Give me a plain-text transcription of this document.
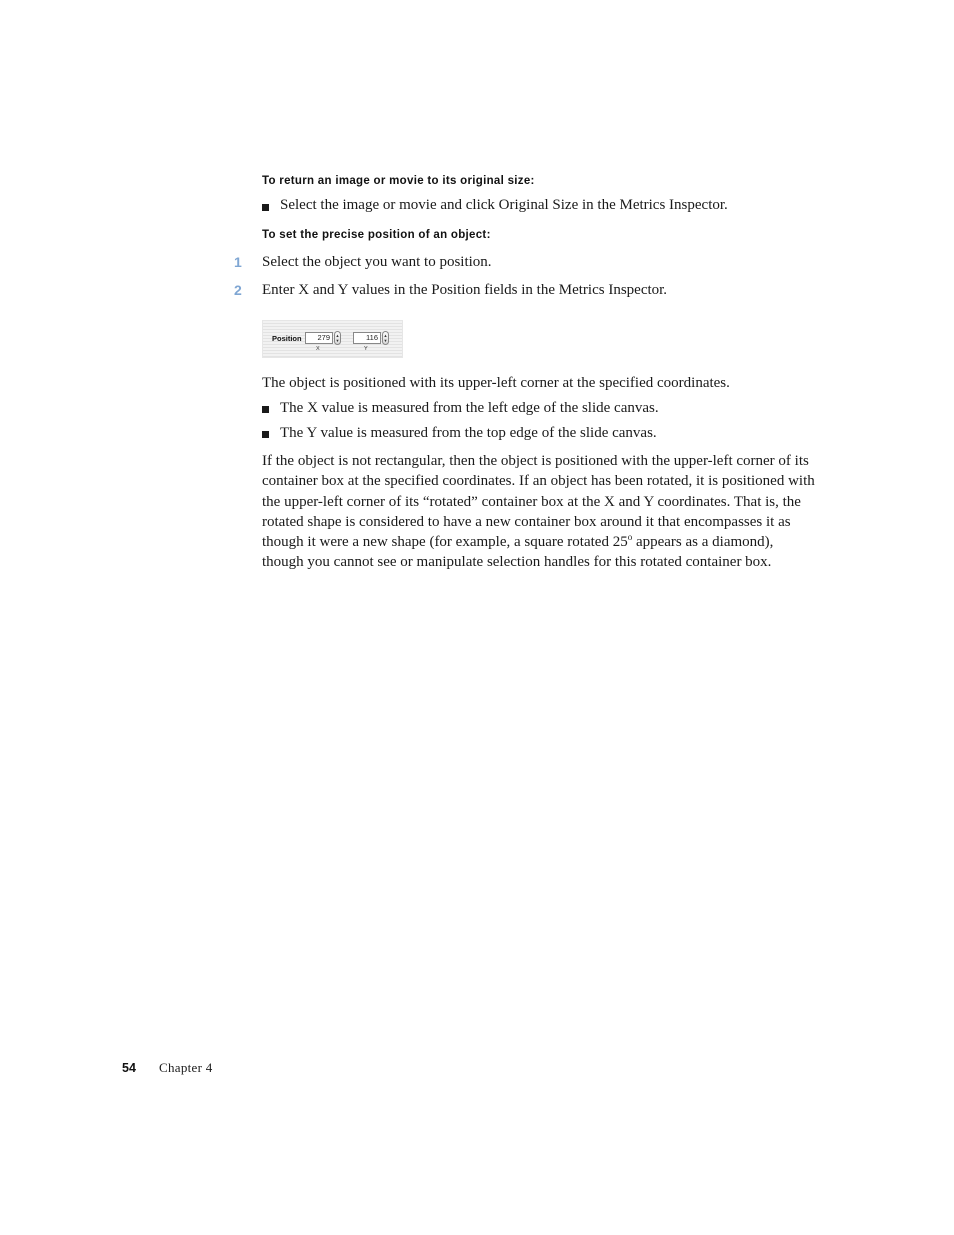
To return an image or movie to its original size:
Select the image or movie and click Original Size in the Metrics Inspector.
To set the precise position of an object:
1 Select the object you want to position.
2 Enter X and Y values in the Position fields in the Metrics Inspector.
Position	279	▲
▼	116	▲
▼
X	Y
The object is positioned with its upper-left corner at the specified coordinates.
The X value is measured from the left edge of the slide canvas.
The Y value is measured from the top edge of the slide canvas.
If the object is not rectangular, then the object is positioned with the upper-left corner of its
container box at the specified coordinates. If an object has been rotated, it is positioned with
the upper-left corner of its “rotated” container box at the X and Y coordinates. That is, the
rotated shape is considered to have a new container box around it that encompasses it as
though it were a new shape (for example, a square rotated 25$^o$ appears as a diamond),
though you cannot see or manipulate selection handles for this rotated container box.
54 Chapter 4
